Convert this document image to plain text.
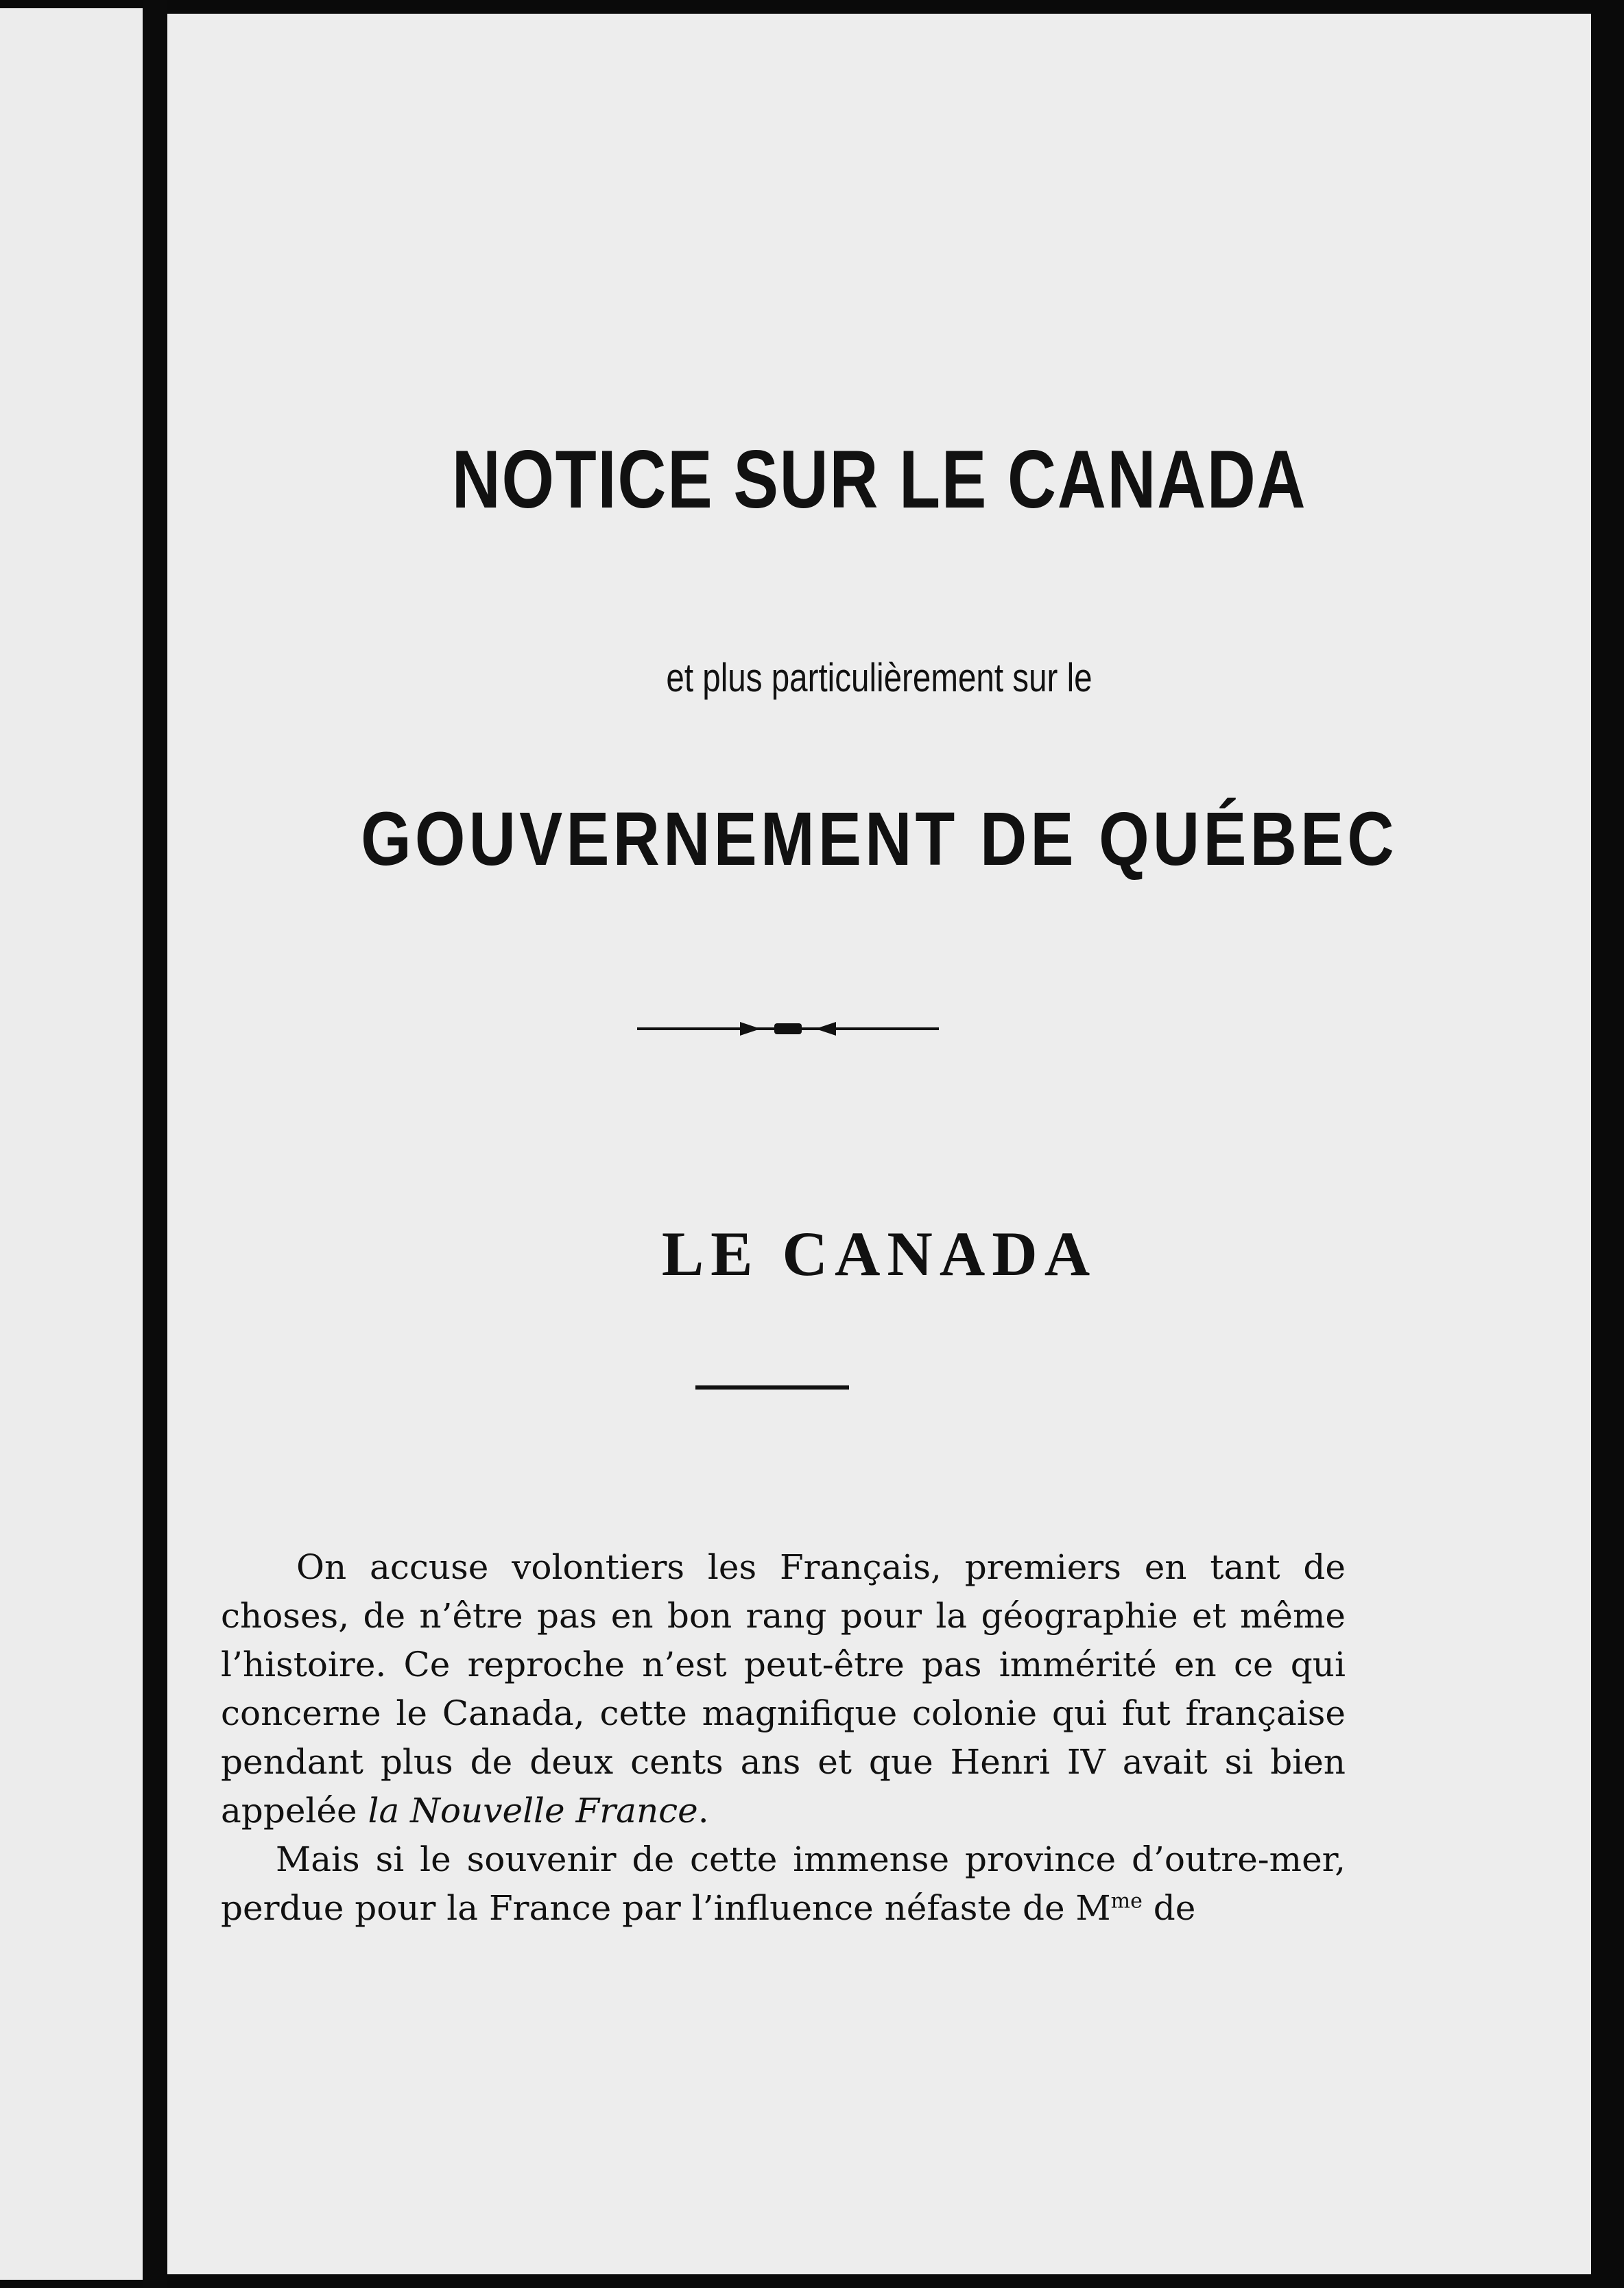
NOTICE SUR LE CANADA
et plus particulièrement sur le
GOUVERNEMENT DE QUÉBEC
LE CANADA

On accuse volontiers les Français, premiers en tant de choses, de n’être pas en bon rang pour la géographie et même l’histoire. Ce reproche n’est peut-être pas immérité en ce qui concerne le Canada, cette magnifique colonie qui fut française pendant plus de deux cents ans et que Henri IV avait si bien appelée la Nouvelle France.

Mais si le souvenir de cette immense province d’outre-mer, perdue pour la France par l’influence néfaste de $M^{me}$ de
